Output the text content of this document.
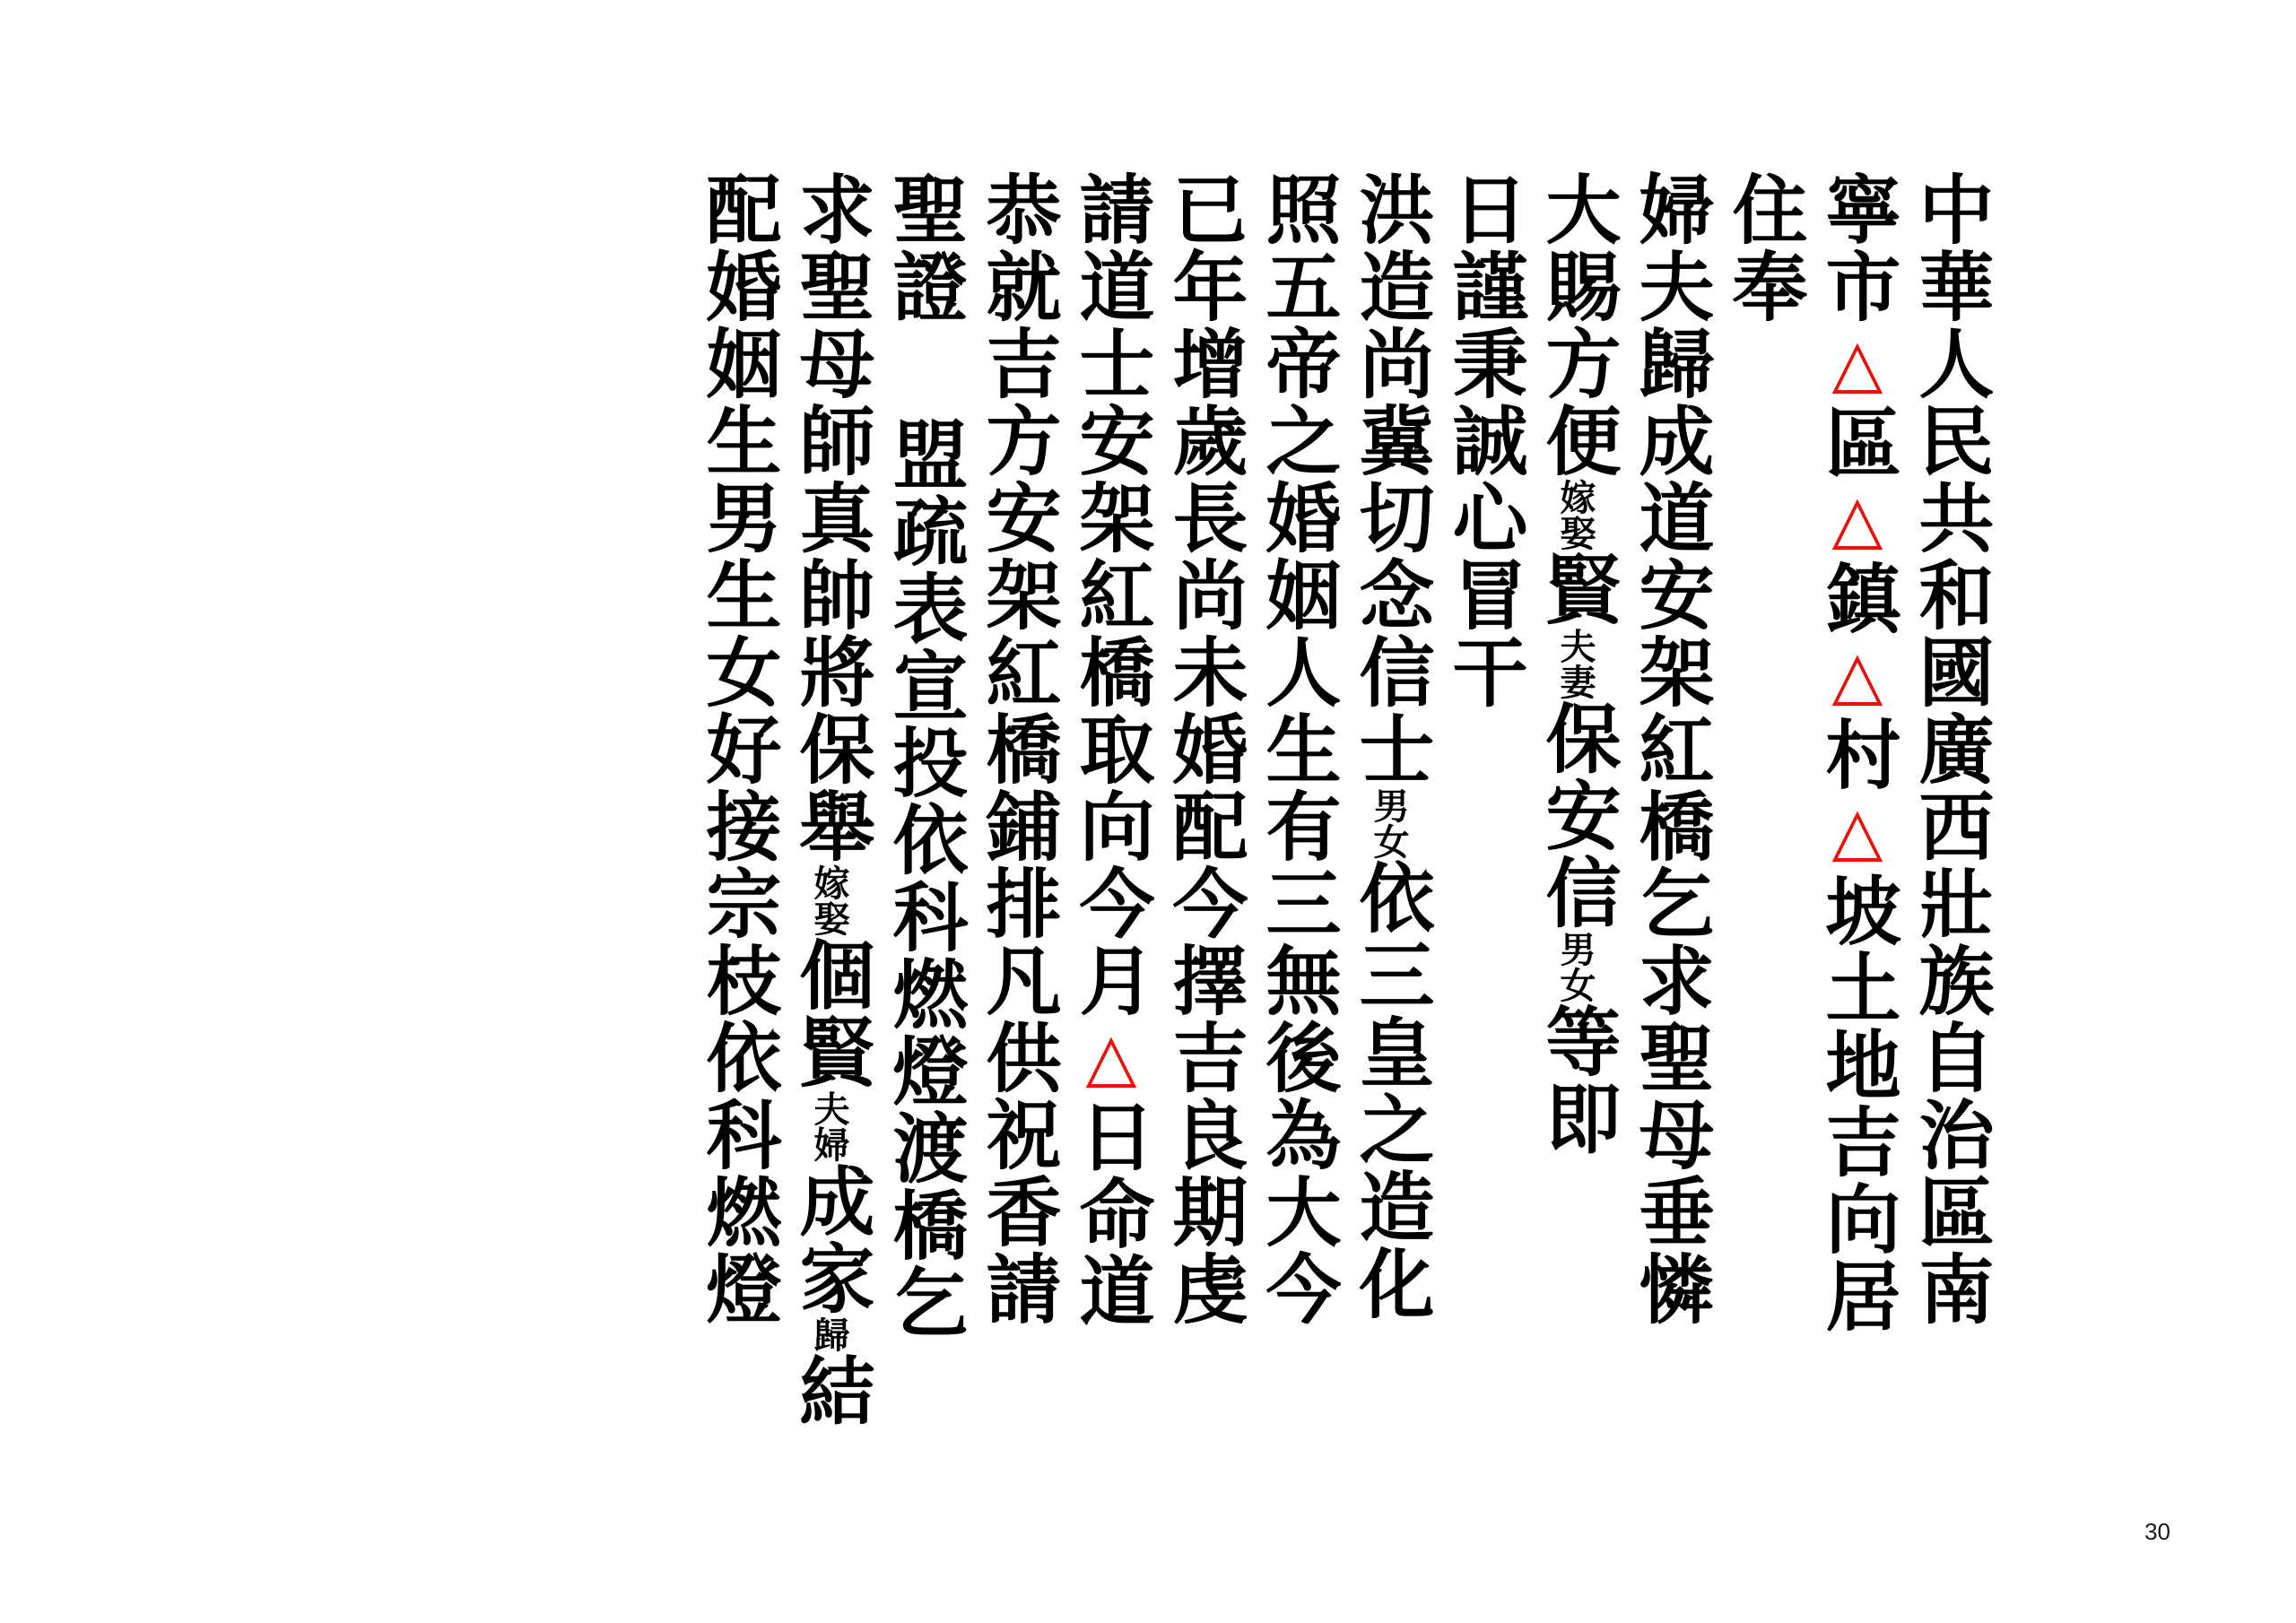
中華人民共和國廣西壯族自治區南
寧市△區△鎮△村△坡土地吉向居
住奉
婦夫歸成道安架紅橋乞求聖母垂憐
大賜方便嫁娶賢夫妻保安信男女等即
日謹秉誠心冒干
洪造尚冀切念信士男女依三皇之造化
照五帝之婚姻人生有三無後為大今
已年增歲長尚未婚配今擇吉良期虔
請道士安架紅橋取向今月△日命道
恭就吉方安架紅橋鋪排凡供祝香請
聖證 盟疏表宣投依科燃燈渡橋乞
求聖母師真帥將保舉嫁娶個賢夫婦成家歸結
配婚姻生男生女好接宗枝依科燃燈
30
